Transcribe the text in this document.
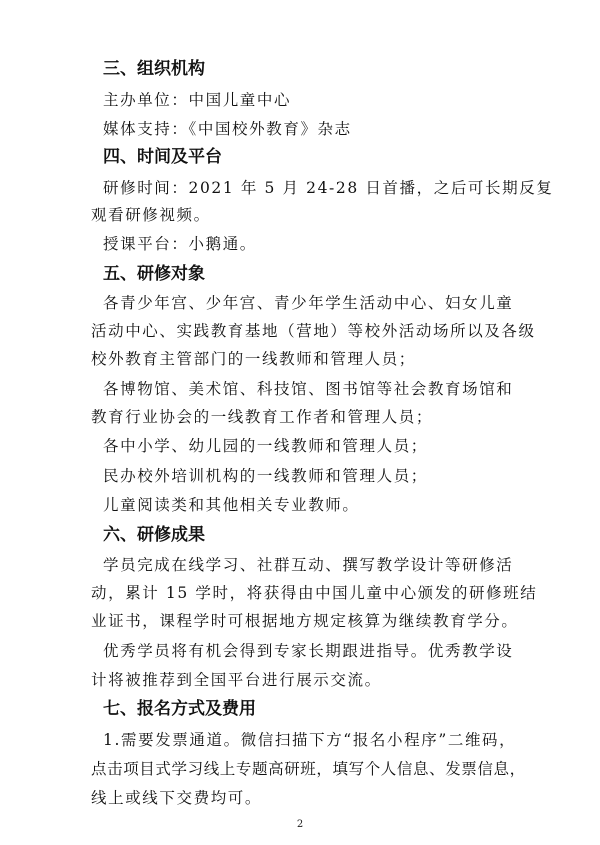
三、组织机构
主办单位：中国儿童中心
媒体支持：《中国校外教育》杂志
四、时间及平台
研修时间：2021 年 5 月 24-28 日首播，之后可长期反复
观看研修视频。
授课平台：小鹅通。
五、研修对象
各青少年宫、少年宫、青少年学生活动中心、妇女儿童
活动中心、实践教育基地（营地）等校外活动场所以及各级
校外教育主管部门的一线教师和管理人员；
各博物馆、美术馆、科技馆、图书馆等社会教育场馆和
教育行业协会的一线教育工作者和管理人员；
各中小学、幼儿园的一线教师和管理人员；
民办校外培训机构的一线教师和管理人员；
儿童阅读类和其他相关专业教师。
六、研修成果
学员完成在线学习、社群互动、撰写教学设计等研修活
动，累计 15 学时，将获得由中国儿童中心颁发的研修班结
业证书，课程学时可根据地方规定核算为继续教育学分。
优秀学员将有机会得到专家长期跟进指导。优秀教学设
计将被推荐到全国平台进行展示交流。
七、报名方式及费用
1.需要发票通道。微信扫描下方“报名小程序”二维码，
点击项目式学习线上专题高研班，填写个人信息、发票信息，
线上或线下交费均可。
2
